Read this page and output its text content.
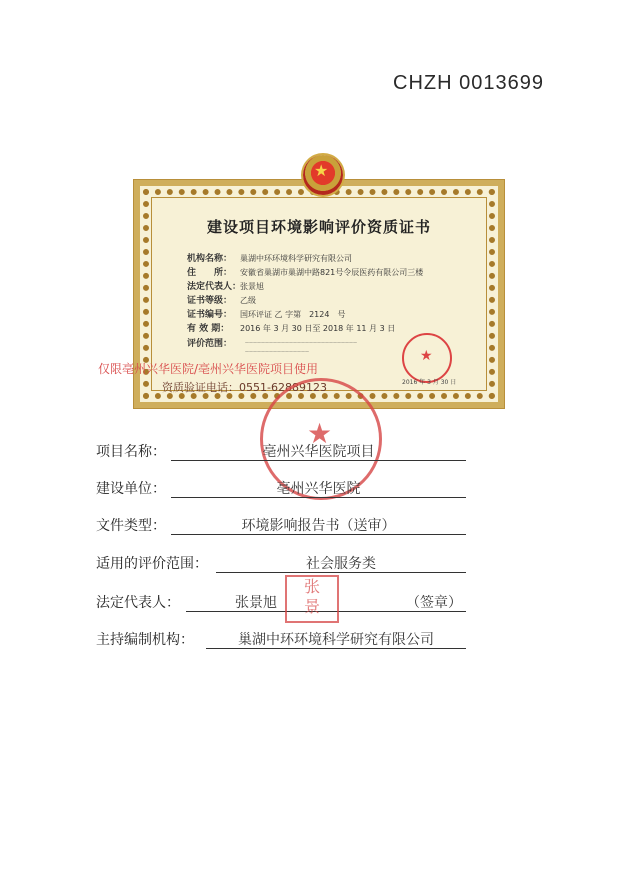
CHZH 0013699
★
建设项目环境影响评价资质证书
机构名称： 巢湖中环环境科学研究有限公司
住　　所： 安徽省巢湖市巢湖中路821号令辰医药有限公司三楼
法定代表人：张景旭
证书等级： 乙级
证书编号： 国环评证 乙 字第　2124　号
有 效 期： 2016 年 3 月 30 日至 2018 年 11 月 3 日
评价范围：	————————————————————————————
————————————————	★
2016 年 3 月 30 日
仅限亳州兴华医院/亳州兴华医院项目使用
资质验证电话：0551-62889123
★
项目名称：	亳州兴华医院项目
建设单位：	亳州兴华医院
文件类型：	环境影响报告书（送审）
适用的评价范围：	社会服务类
法定代表人：	张景旭	（签章）
张
景
主持编制机构：	巢湖中环环境科学研究有限公司
